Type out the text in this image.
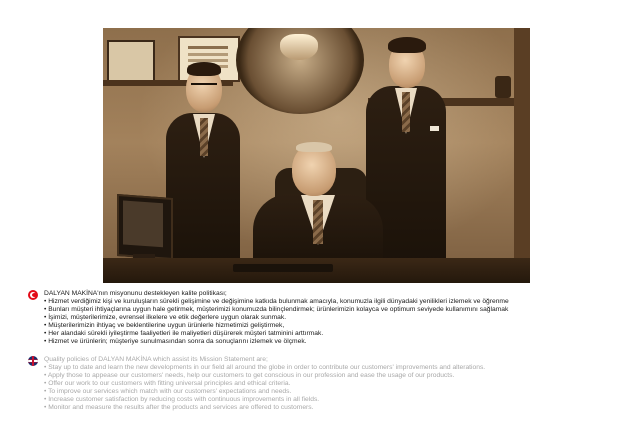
DALYAN MAKİNA'nın misyonunu destekleyen kalite politikası;
• Hizmet verdiğimiz kişi ve kuruluşların sürekli gelişimine ve değişimine katkıda bulunmak amacıyla, konumuzla ilgili dünyadaki yenilikleri izlemek ve öğrenme
• Bunları müşteri ihtiyaçlarına uygun hale getirmek, müşterimizi konumuzda bilinçlendirmek; ürünlerimizin kolayca ve optimum seviyede kullanımını sağlamak
• İşimizi, müşterilerimize, evrensel ilkelere ve etik değerlere uygun olarak sunmak.
• Müşterilerimizin ihtiyaç ve beklentilerine uygun ürünlerle hizmetimizi geliştirmek,
• Her alandaki sürekli iyileştirme faaliyetleri ile maliyetleri düşürerek müşteri tatminini arttırmak.
• Hizmet ve ürünlerin; müşteriye sunulmasından sonra da sonuçlarını izlemek ve ölçmek.
Quality policies of DALYAN MAKİNA which assist its Mission Statement are;
• Stay up to date and learn the new developments in our field all around the globe in order to contribute our customers' improvements and alterations.
• Apply those to appease our customers' needs, help our customers to get conscious in our profession and ease the usage of our products.
• Offer our work to our customers with fitting universal principles and ethical criteria.
• To improve our services which match with our customers' expectations and needs.
• Increase customer satisfaction by reducing costs with continuous improvements in all fields.
• Monitor and measure the results after the products and services are offered to customers.
